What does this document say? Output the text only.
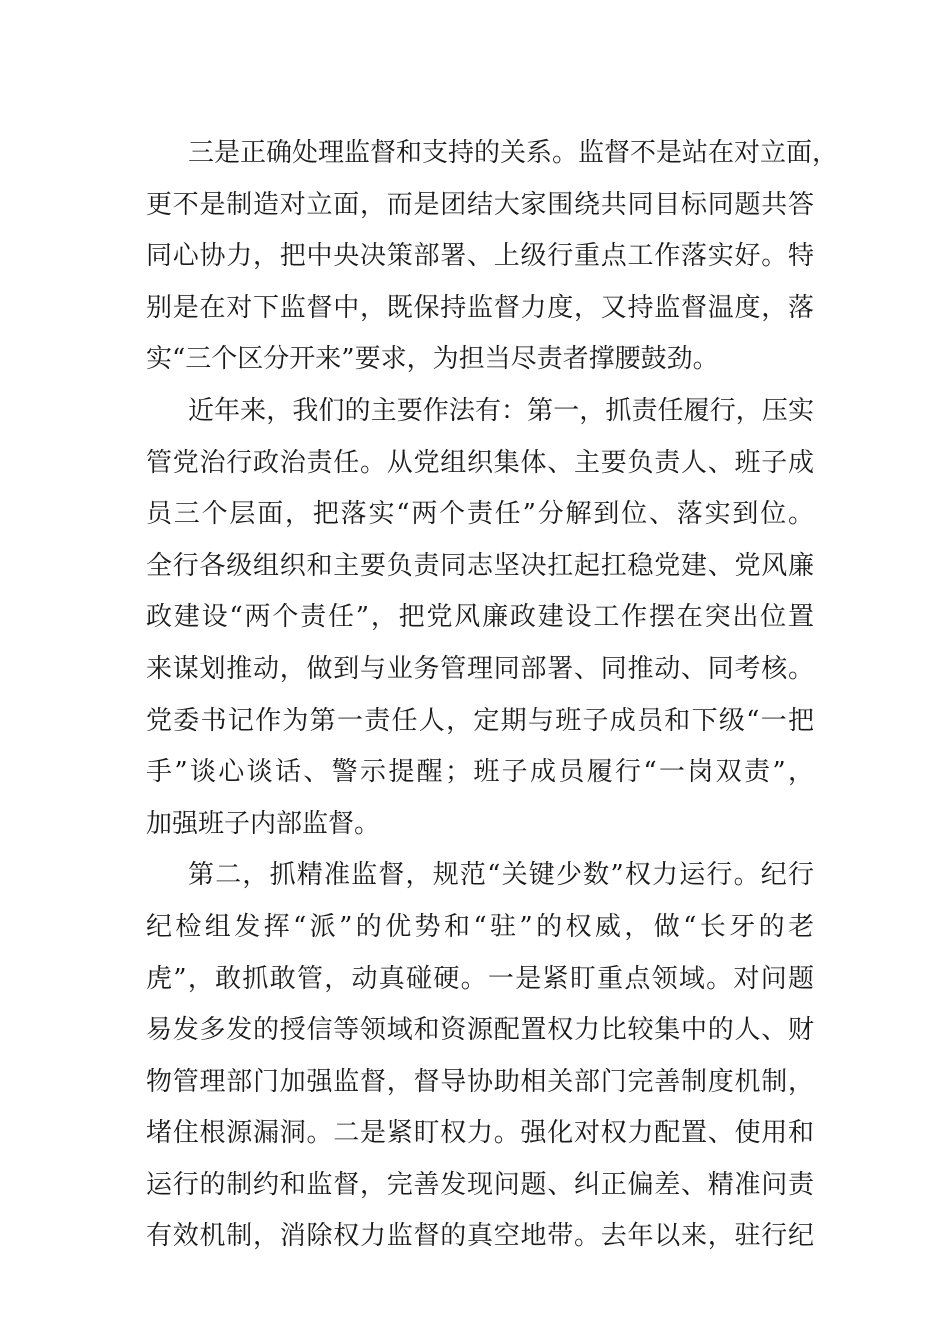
三是正确处理监督和支持的关系。监督不是站在对立面，
更不是制造对立面，而是团结大家围绕共同目标同题共答
同心协力，把中央决策部署、上级行重点工作落实好。特
别是在对下监督中，既保持监督力度，又持监督温度，落
实“三个区分开来”要求，为担当尽责者撑腰鼓劲。
近年来，我们的主要作法有：第一，抓责任履行，压实
管党治行政治责任。从党组织集体、主要负责人、班子成
员三个层面，把落实“两个责任”分解到位、落实到位。
全行各级组织和主要负责同志坚决扛起扛稳党建、党风廉
政建设“两个责任”，把党风廉政建设工作摆在突出位置
来谋划推动，做到与业务管理同部署、同推动、同考核。
党委书记作为第一责任人，定期与班子成员和下级“一把
手”谈心谈话、警示提醒；班子成员履行“一岗双责”，
加强班子内部监督。
第二，抓精准监督，规范“关键少数”权力运行。纪行
纪检组发挥“派”的优势和“驻”的权威，做“长牙的老
虎”，敢抓敢管，动真碰硬。一是紧盯重点领域。对问题
易发多发的授信等领域和资源配置权力比较集中的人、财
物管理部门加强监督，督导协助相关部门完善制度机制，
堵住根源漏洞。二是紧盯权力。强化对权力配置、使用和
运行的制约和监督，完善发现问题、纠正偏差、精准问责
有效机制，消除权力监督的真空地带。去年以来，驻行纪
